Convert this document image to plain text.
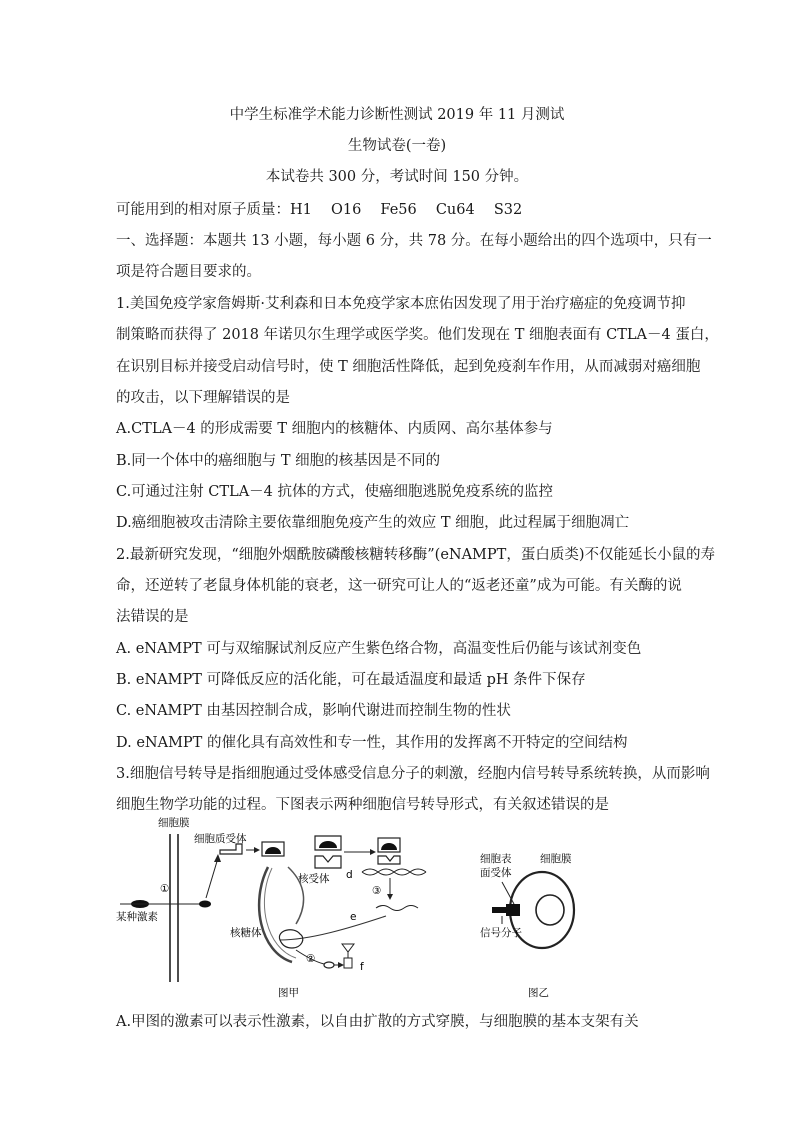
中学生标准学术能力诊断性测试 2019 年 11 月测试
生物试卷(一卷)
本试卷共 300 分，考试时间 150 分钟。
可能用到的相对原子质量：H1　 O16　 Fe56　 Cu64　 S32
一、选择题：本题共 13 小题，每小题 6 分，共 78 分。在每小题给出的四个选项中，只有一
项是符合题目要求的。
1.美国免疫学家詹姆斯·艾利森和日本免疫学家本庶佑因发现了用于治疗癌症的免疫调节抑
制策略而获得了 2018 年诺贝尔生理学或医学奖。他们发现在 T 细胞表面有 CTLA－4 蛋白，
在识别目标并接受启动信号时，使 T 细胞活性降低，起到免疫刹车作用，从而减弱对癌细胞
的攻击，以下理解错误的是
A.CTLA－4 的形成需要 T 细胞内的核糖体、内质网、高尔基体参与
B.同一个体中的癌细胞与 T 细胞的核基因是不同的
C.可通过注射 CTLA－4 抗体的方式，使癌细胞逃脱免疫系统的监控
D.癌细胞被攻击清除主要依靠细胞免疫产生的效应 T 细胞，此过程属于细胞凋亡
2.最新研究发现，“细胞外烟酰胺磷酸核糖转移酶”(eNAMPT，蛋白质类)不仅能延长小鼠的寿
命，还逆转了老鼠身体机能的衰老，这一研究可让人的“返老还童”成为可能。有关酶的说
法错误的是
A. eNAMPT 可与双缩脲试剂反应产生紫色络合物，高温变性后仍能与该试剂变色
B. eNAMPT 可降低反应的活化能，可在最适温度和最适 pH 条件下保存
C. eNAMPT 由基因控制合成，影响代谢进而控制生物的性状
D. eNAMPT 的催化具有高效性和专一性，其作用的发挥离不开特定的空间结构
3.细胞信号转导是指细胞通过受体感受信息分子的刺激，经胞内信号转导系统转换，从而影响
细胞生物学功能的过程。下图表示两种细胞信号转导形式，有关叙述错误的是
细胞膜
某种激素
①
细胞质受体
核受体 d
③
e
核糖体
②
f
图甲
细胞表
面受体
细胞膜
信号分子
图乙
A.甲图的激素可以表示性激素，以自由扩散的方式穿膜，与细胞膜的基本支架有关
